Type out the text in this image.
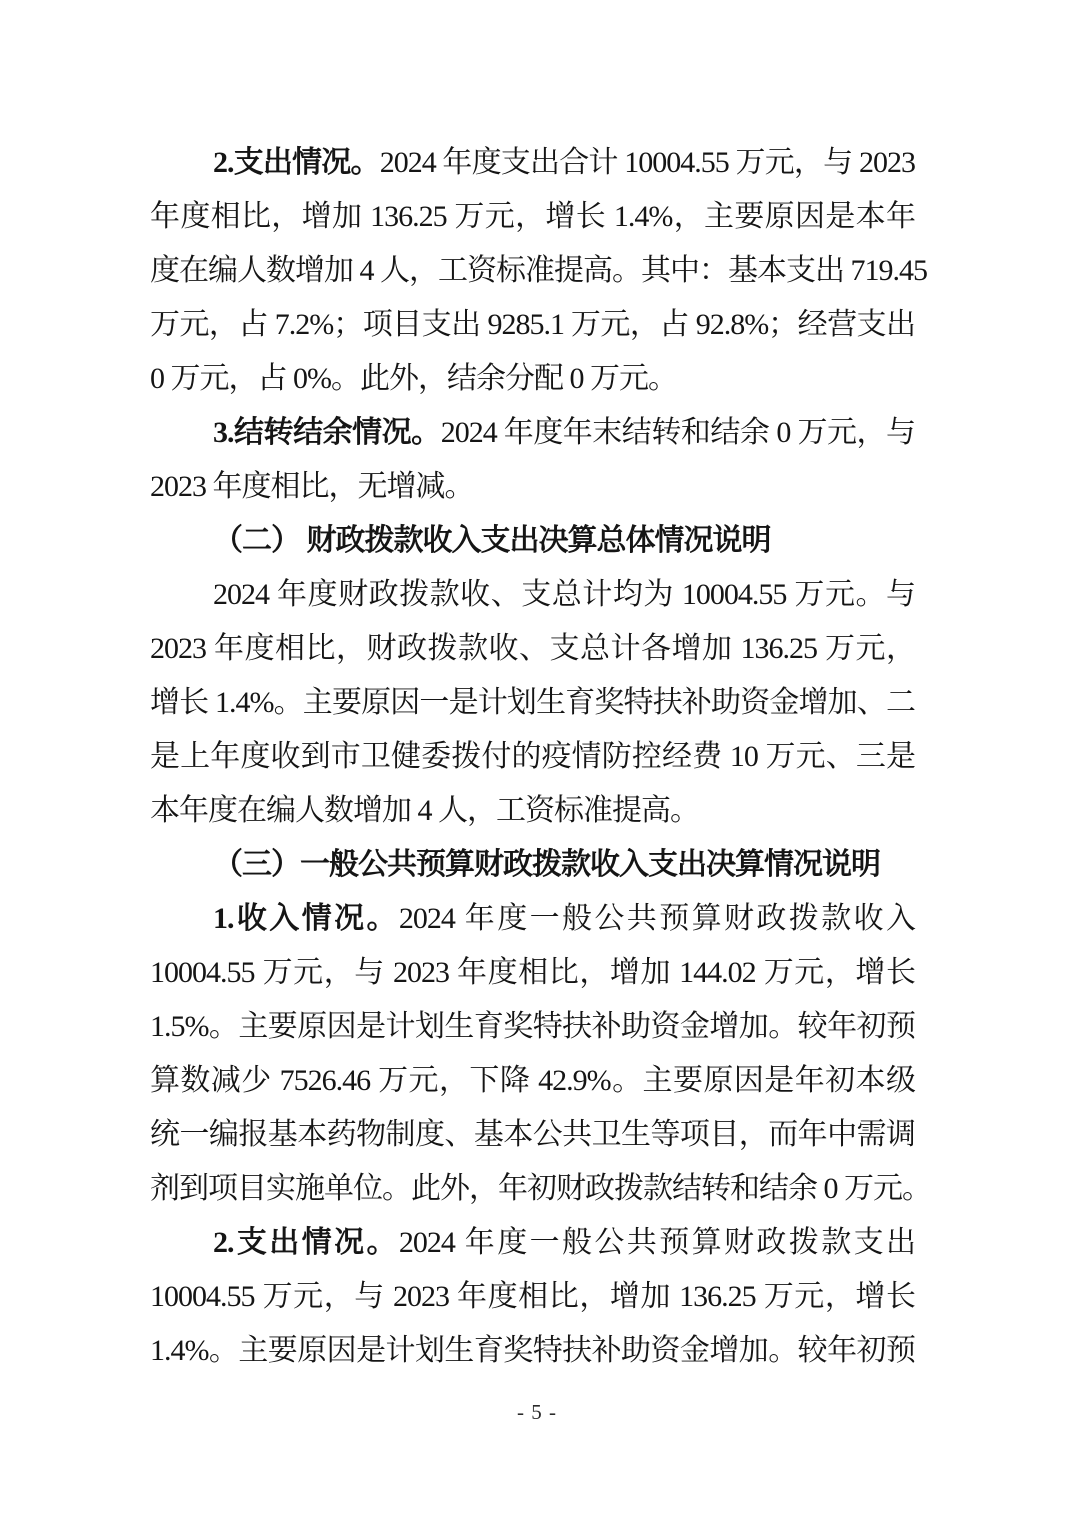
2.支出情况。2024 年度支出合计 10004.55 万元，与 2023
年度相比，增加 136.25 万元，增长 1.4%，主要原因是本年
度在编人数增加 4 人，工资标准提高。其中：基本支出 719.45
万元，占 7.2%；项目支出 9285.1 万元，占 92.8%；经营支出
0 万元，占 0%。此外，结余分配 0 万元。
3.结转结余情况。2024 年度年末结转和结余 0 万元，与
2023 年度相比，无增减。
（二） 财政拨款收入支出决算总体情况说明
2024 年度财政拨款收、支总计均为 10004.55 万元。与
2023 年度相比，财政拨款收、支总计各增加 136.25 万元，
增长 1.4%。主要原因一是计划生育奖特扶补助资金增加、二
是上年度收到市卫健委拨付的疫情防控经费 10 万元、三是
本年度在编人数增加 4 人，工资标准提高。
（三）一般公共预算财政拨款收入支出决算情况说明
1.收入情况。2024 年度一般公共预算财政拨款收入
10004.55 万元，与 2023 年度相比，增加 144.02 万元，增长
1.5%。主要原因是计划生育奖特扶补助资金增加。较年初预
算数减少 7526.46 万元，下降 42.9%。主要原因是年初本级
统一编报基本药物制度、基本公共卫生等项目，而年中需调
剂到项目实施单位。此外，年初财政拨款结转和结余 0 万元。
2.支出情况。2024 年度一般公共预算财政拨款支出
10004.55 万元，与 2023 年度相比，增加 136.25 万元，增长
1.4%。主要原因是计划生育奖特扶补助资金增加。较年初预
- 5 -
